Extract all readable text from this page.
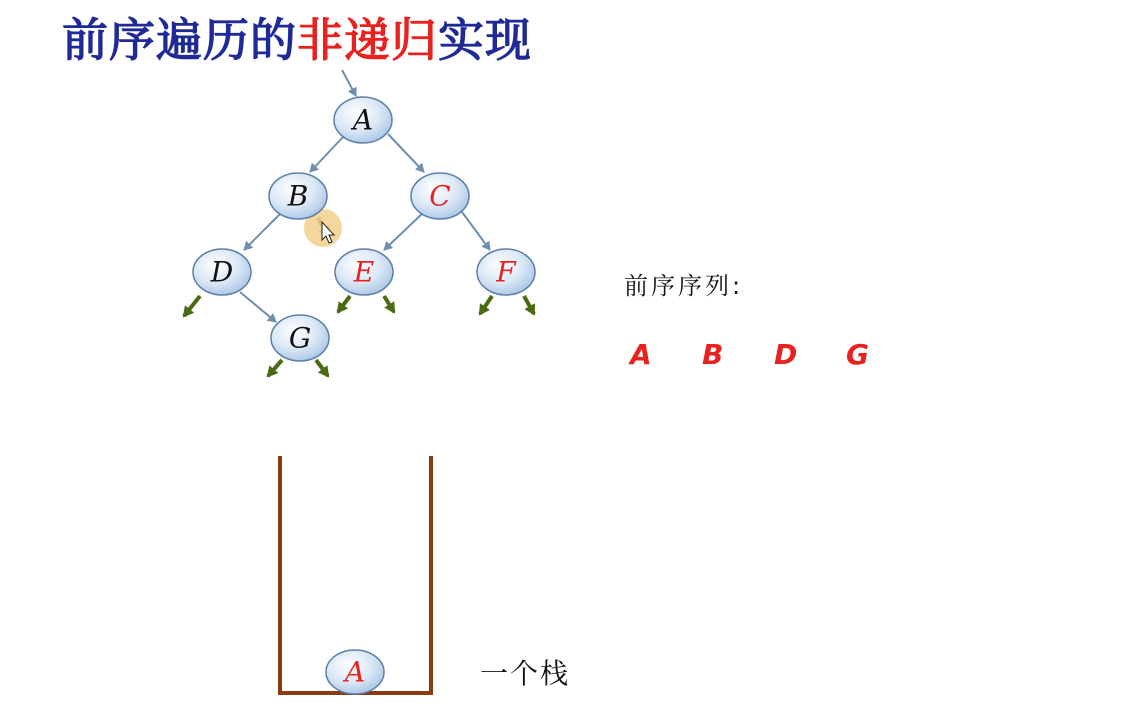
前序遍历的非递归实现
A
B	C
D	E	F
G
A
前序序列:
A	B	D	G
一个栈
